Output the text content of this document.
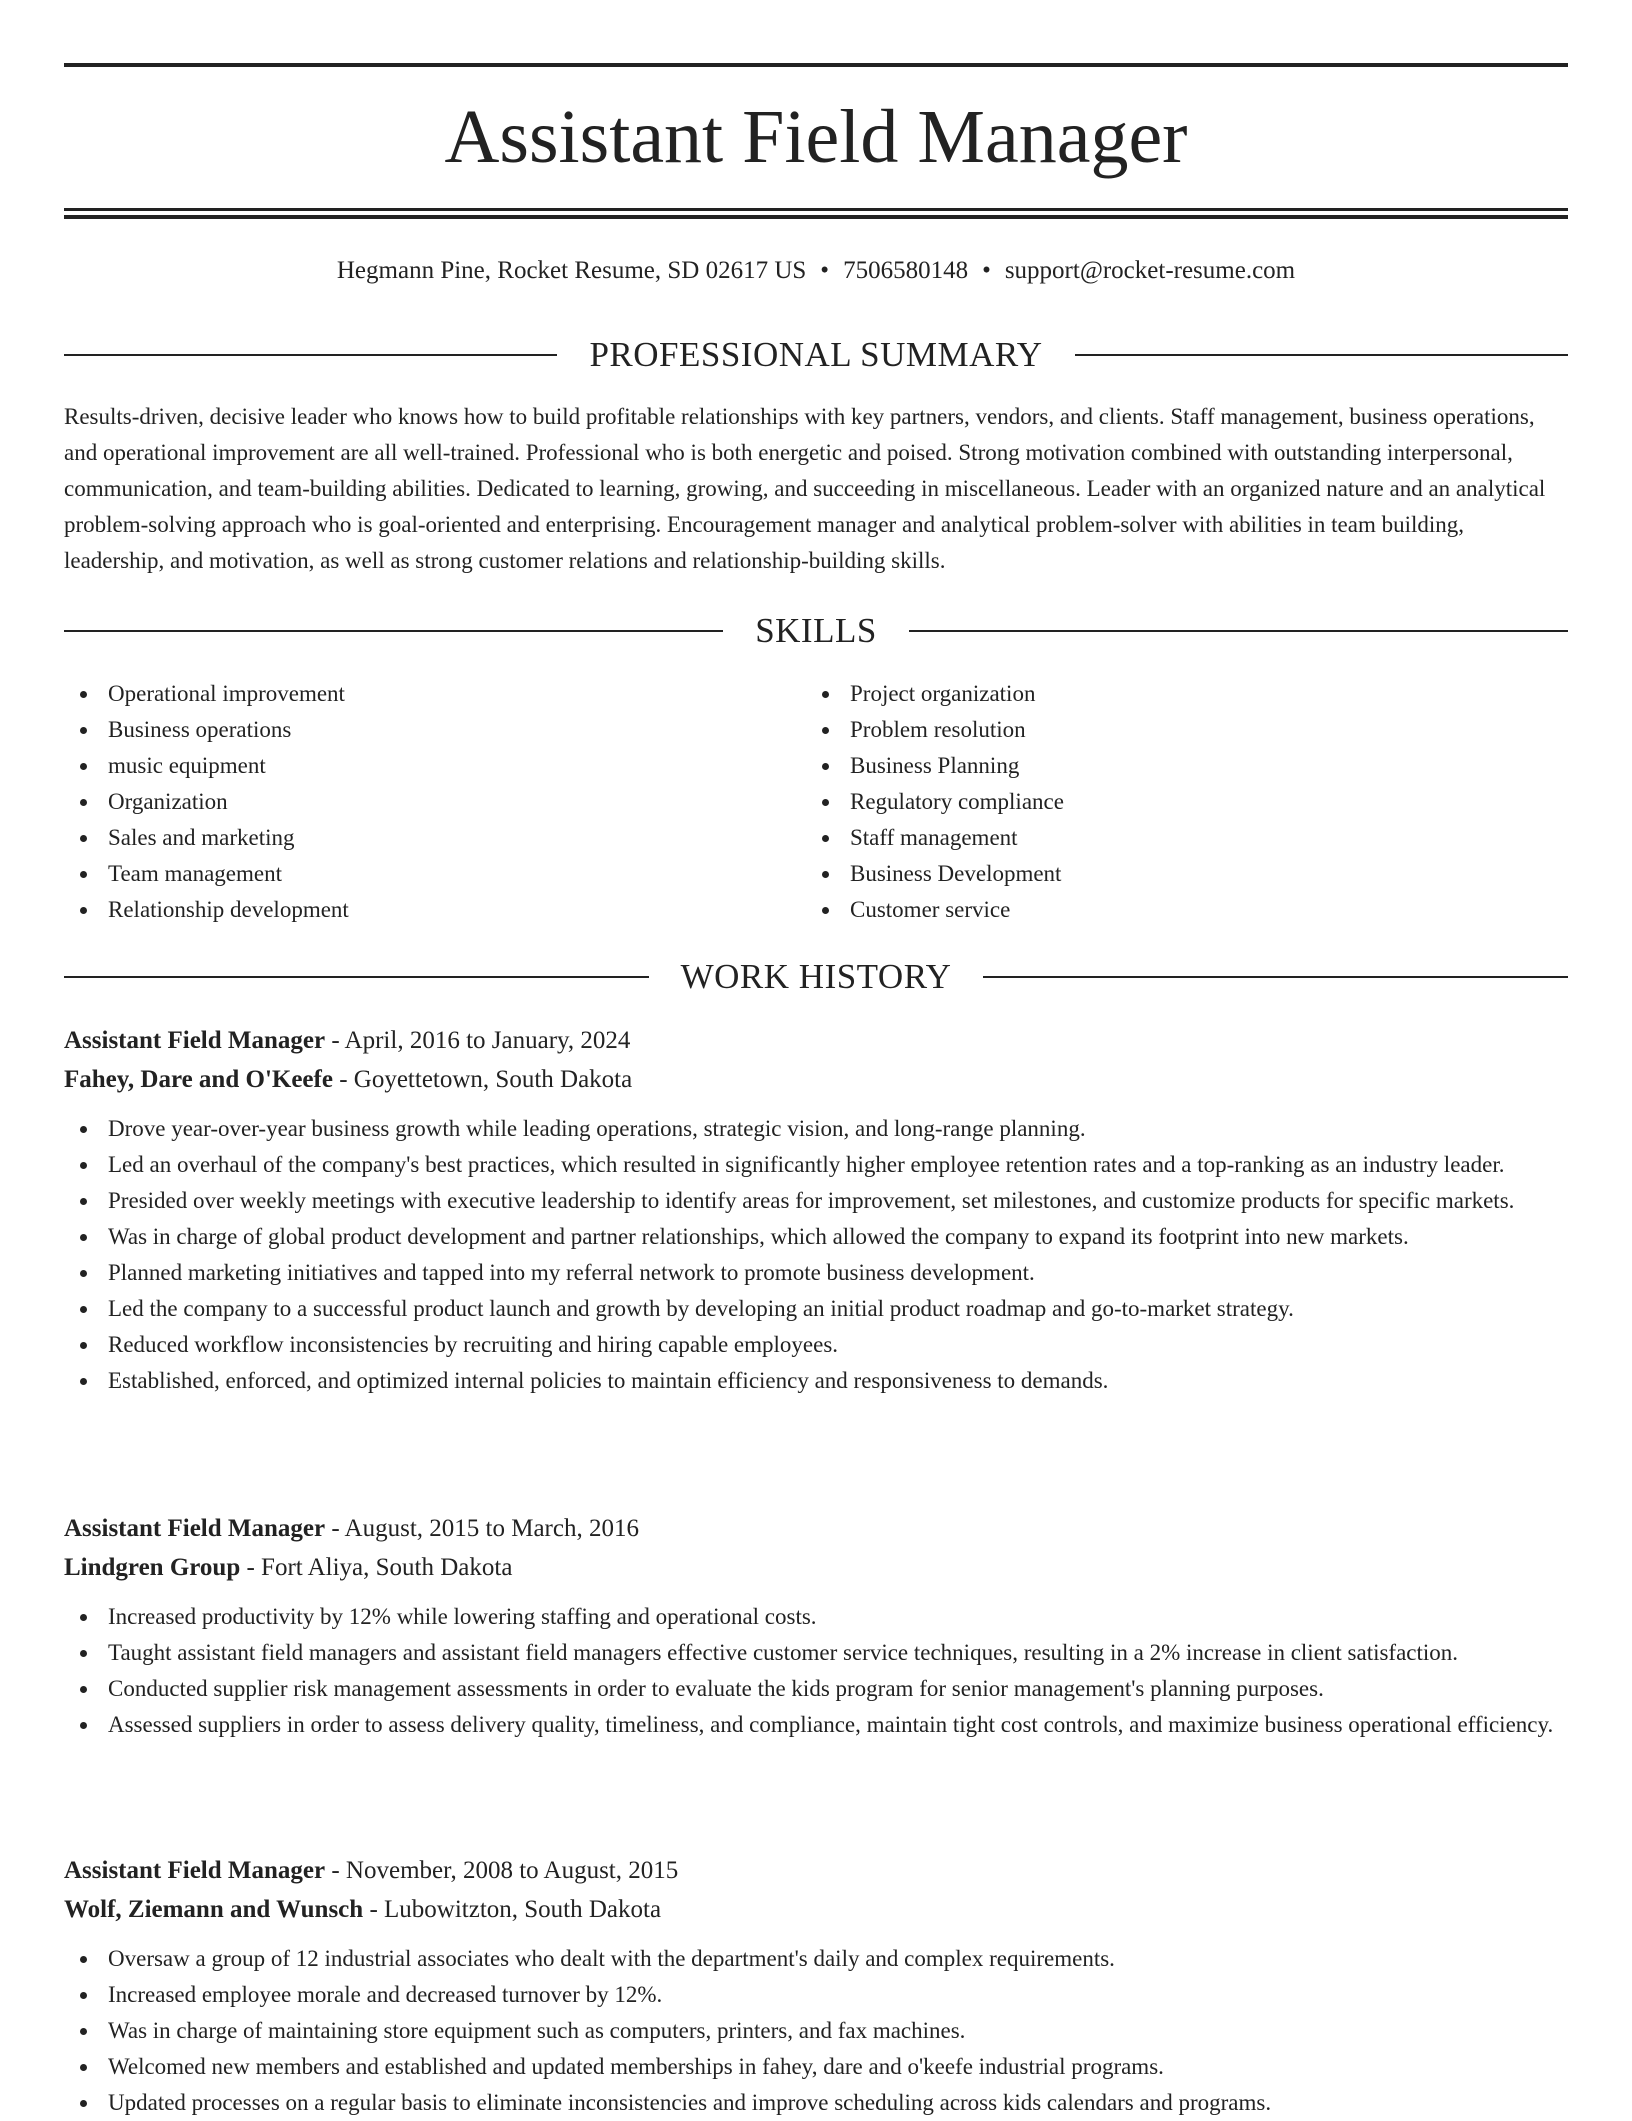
Assistant Field Manager
Hegmann Pine, Rocket Resume, SD 02617 US • 7506580148 • support@rocket-resume.com
PROFESSIONAL SUMMARY

Results-driven, decisive leader who knows how to build profitable relationships with key partners, vendors, and clients. Staff management, business operations, and operational improvement are all well-trained. Professional who is both energetic and poised. Strong motivation combined with outstanding interpersonal, communication, and team-building abilities. Dedicated to learning, growing, and succeeding in miscellaneous. Leader with an organized nature and an analytical problem-solving approach who is goal-oriented and enterprising. Encouragement manager and analytical problem-solver with abilities in team building, leadership, and motivation, as well as strong customer relations and relationship-building skills.

SKILLS
Operational improvement
Business operations
music equipment
Organization
Sales and marketing
Team management
Relationship development
Project organization
Problem resolution
Business Planning
Regulatory compliance
Staff management
Business Development
Customer service
WORK HISTORY
Assistant Field Manager - April, 2016 to January, 2024
Fahey, Dare and O'Keefe - Goyettetown, South Dakota
Drove year-over-year business growth while leading operations, strategic vision, and long-range planning.
Led an overhaul of the company's best practices, which resulted in significantly higher employee retention rates and a top-ranking as an industry leader.
Presided over weekly meetings with executive leadership to identify areas for improvement, set milestones, and customize products for specific markets.
Was in charge of global product development and partner relationships, which allowed the company to expand its footprint into new markets.
Planned marketing initiatives and tapped into my referral network to promote business development.
Led the company to a successful product launch and growth by developing an initial product roadmap and go-to-market strategy.
Reduced workflow inconsistencies by recruiting and hiring capable employees.
Established, enforced, and optimized internal policies to maintain efficiency and responsiveness to demands.
Assistant Field Manager - August, 2015 to March, 2016
Lindgren Group - Fort Aliya, South Dakota
Increased productivity by 12% while lowering staffing and operational costs.
Taught assistant field managers and assistant field managers effective customer service techniques, resulting in a 2% increase in client satisfaction.
Conducted supplier risk management assessments in order to evaluate the kids program for senior management's planning purposes.
Assessed suppliers in order to assess delivery quality, timeliness, and compliance, maintain tight cost controls, and maximize business operational efficiency.
Assistant Field Manager - November, 2008 to August, 2015
Wolf, Ziemann and Wunsch - Lubowitzton, South Dakota
Oversaw a group of 12 industrial associates who dealt with the department's daily and complex requirements.
Increased employee morale and decreased turnover by 12%.
Was in charge of maintaining store equipment such as computers, printers, and fax machines.
Welcomed new members and established and updated memberships in fahey, dare and o'keefe industrial programs.
Updated processes on a regular basis to eliminate inconsistencies and improve scheduling across kids calendars and programs.
